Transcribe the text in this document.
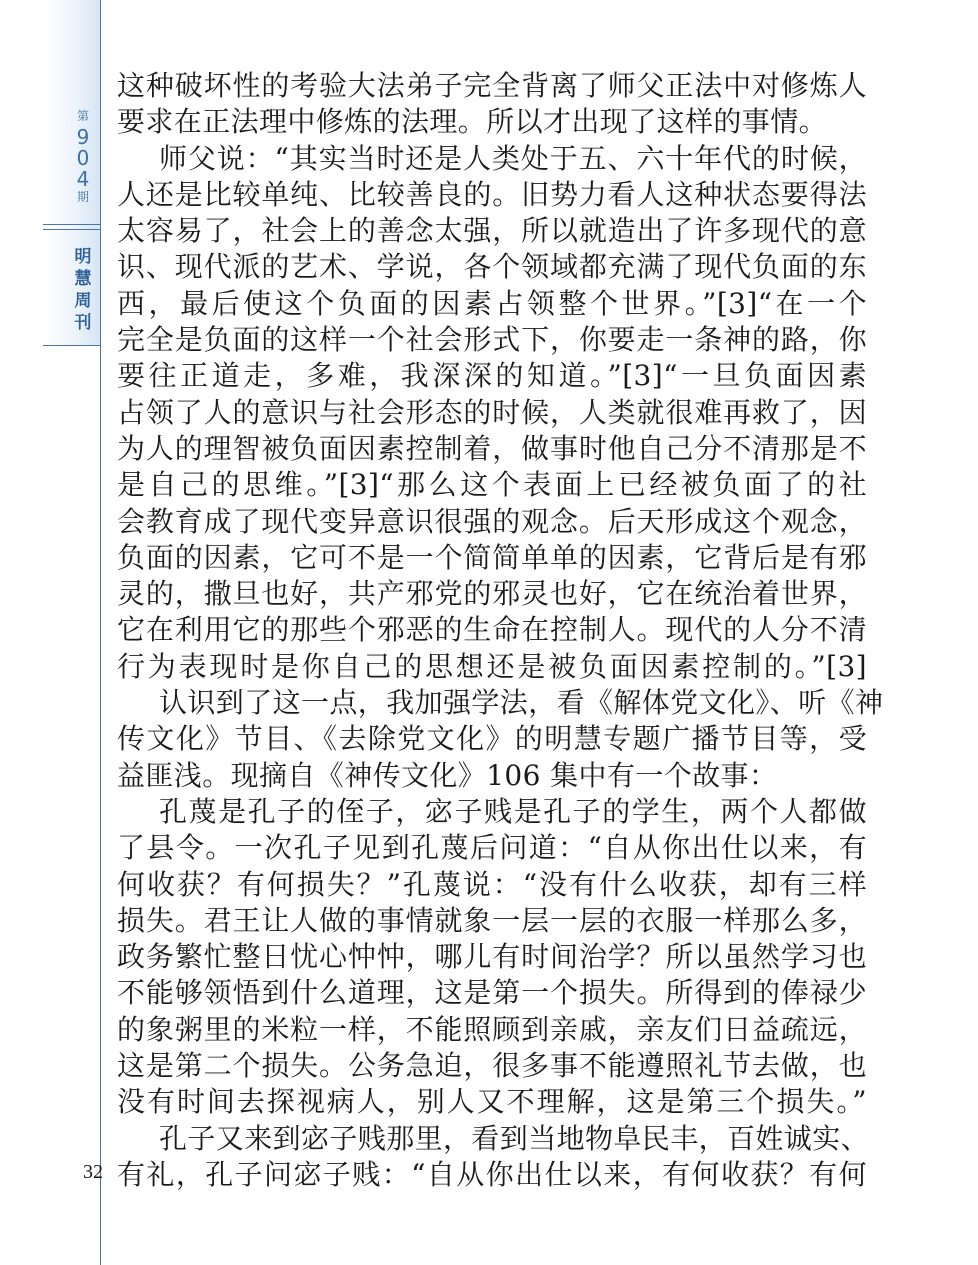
第
9
0
4
期
明
慧
周
刊
这种破坏性的考验大法弟子完全背离了师父正法中对修炼人
要求在正法理中修炼的法理。所以才出现了这样的事情。
师父说：“其实当时还是人类处于五、六十年代的时候，
人还是比较单纯、比较善良的。旧势力看人这种状态要得法
太容易了，社会上的善念太强，所以就造出了许多现代的意
识、现代派的艺术、学说，各个领域都充满了现代负面的东
西，最后使这个负面的因素占领整个世界。”[3]“在一个
完全是负面的这样一个社会形式下，你要走一条神的路，你
要往正道走，多难，我深深的知道。”[3]“一旦负面因素
占领了人的意识与社会形态的时候，人类就很难再救了，因
为人的理智被负面因素控制着，做事时他自己分不清那是不
是自己的思维。”[3]“那么这个表面上已经被负面了的社
会教育成了现代变异意识很强的观念。后天形成这个观念，
负面的因素，它可不是一个简简单单的因素，它背后是有邪
灵的，撒旦也好，共产邪党的邪灵也好，它在统治着世界，
它在利用它的那些个邪恶的生命在控制人。现代的人分不清
行为表现时是你自己的思想还是被负面因素控制的。”[3]
认识到了这一点，我加强学法，看《解体党文化》、听《神
传文化》节目、《去除党文化》的明慧专题广播节目等，受
益匪浅。现摘自《神传文化》106 集中有一个故事：
孔蔑是孔子的侄子，宓子贱是孔子的学生，两个人都做
了县令。一次孔子见到孔蔑后问道：“自从你出仕以来，有
何收获？有何损失？”孔蔑说：“没有什么收获，却有三样
损失。君王让人做的事情就象一层一层的衣服一样那么多，
政务繁忙整日忧心忡忡，哪儿有时间治学？所以虽然学习也
不能够领悟到什么道理，这是第一个损失。所得到的俸禄少
的象粥里的米粒一样，不能照顾到亲戚，亲友们日益疏远，
这是第二个损失。公务急迫，很多事不能遵照礼节去做，也
没有时间去探视病人，别人又不理解，这是第三个损失。”
孔子又来到宓子贱那里，看到当地物阜民丰，百姓诚实、
有礼，孔子问宓子贱：“自从你出仕以来，有何收获？有何
32
